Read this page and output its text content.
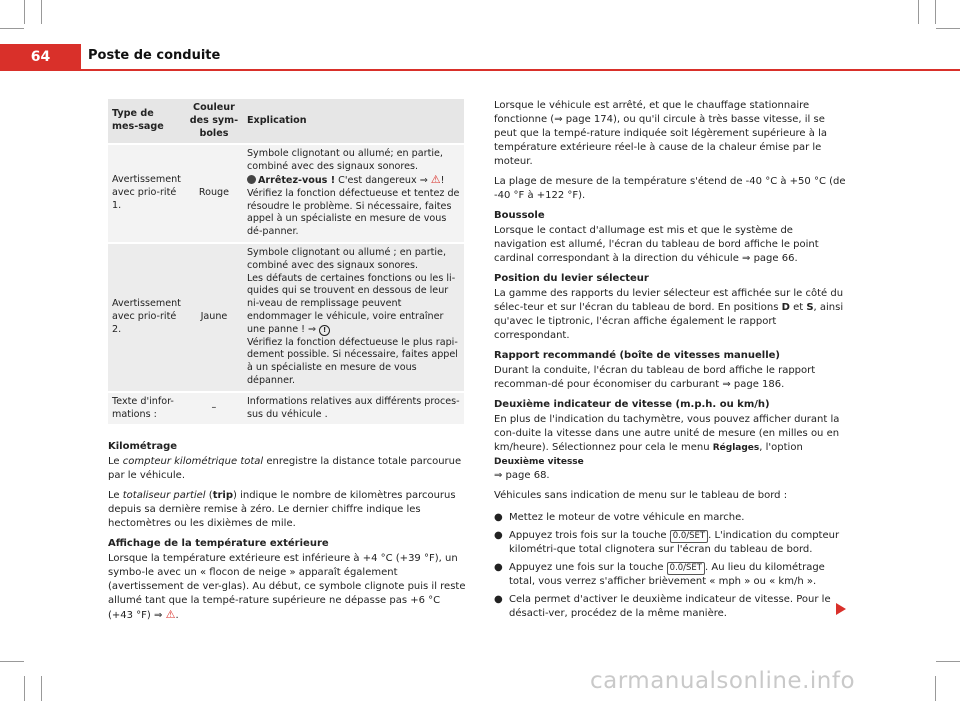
64	Poste de conduite
Type de mes-sage	Couleur des sym-boles	Explication
Avertissement avec prio-rité 1.	Rouge	Symbole clignotant ou allumé; en partie, combiné avec des signaux sonores.
Arrêtez-vous ! C'est dangereux ⇒ ⚠!
Vérifiez la fonction défectueuse et tentez de résoudre le problème. Si nécessaire, faites appel à un spécialiste en mesure de vous dé-panner.
Avertissement avec prio-rité 2.	Jaune	Symbole clignotant ou allumé ; en partie, combiné avec des signaux sonores.
Les défauts de certaines fonctions ou les li-quides qui se trouvent en dessous de leur ni-veau de remplissage peuvent endommager le véhicule, voire entraîner une panne ! ⇒ !
Vérifiez la fonction défectueuse le plus rapi-dement possible. Si nécessaire, faites appel à un spécialiste en mesure de vous dépanner.
Texte d'infor-mations :	–	Informations relatives aux différents proces-sus du véhicule .
Kilométrage

Le compteur kilométrique total enregistre la distance totale parcourue par le véhicule.

Le totaliseur partiel (trip) indique le nombre de kilomètres parcourus depuis sa dernière remise à zéro. Le dernier chiffre indique les hectomètres ou les dixièmes de mile.

Affichage de la température extérieure

Lorsque la température extérieure est inférieure à +4 °C (+39 °F), un symbo-le avec un « flocon de neige » apparaît également (avertissement de ver-glas). Au début, ce symbole clignote puis il reste allumé tant que la tempé-rature supérieure ne dépasse pas +6 °C (+43 °F) ⇒ ⚠.

Lorsque le véhicule est arrêté, et que le chauffage stationnaire fonctionne (⇒ page 174), ou qu'il circule à très basse vitesse, il se peut que la tempé-rature indiquée soit légèrement supérieure à la température extérieure réel-le à cause de la chaleur émise par le moteur.

La plage de mesure de la température s'étend de -40 °C à +50 °C (de -40 °F à +122 °F).

Boussole

Lorsque le contact d'allumage est mis et que le système de navigation est allumé, l'écran du tableau de bord affiche le point cardinal correspondant à la direction du véhicule ⇒ page 66.

Position du levier sélecteur

La gamme des rapports du levier sélecteur est affichée sur le côté du sélec-teur et sur l'écran du tableau de bord. En positions D et S, ainsi qu'avec le tiptronic, l'écran affiche également le rapport correspondant.

Rapport recommandé (boîte de vitesses manuelle)

Durant la conduite, l'écran du tableau de bord affiche le rapport recomman-dé pour économiser du carburant ⇒ page 186.

Deuxième indicateur de vitesse (m.p.h. ou km/h)

En plus de l'indication du tachymètre, vous pouvez afficher durant la con-duite la vitesse dans une autre unité de mesure (en milles ou en km/heure). Sélectionnez pour cela le menu Réglages, l'option Deuxième vitesse
⇒ page 68.

Véhicules sans indication de menu sur le tableau de bord :

● Mettez le moteur de votre véhicule en marche.
● Appuyez trois fois sur la touche 0.0/SET . L'indication du compteur kilométri-que total clignotera sur l'écran du tableau de bord.
● Appuyez une fois sur la touche 0.0/SET . Au lieu du kilométrage total, vous verrez s'afficher brièvement « mph » ou « km/h ».
● Cela permet d'activer le deuxième indicateur de vitesse. Pour le désacti-ver, procédez de la même manière.
carmanualsonline.info
